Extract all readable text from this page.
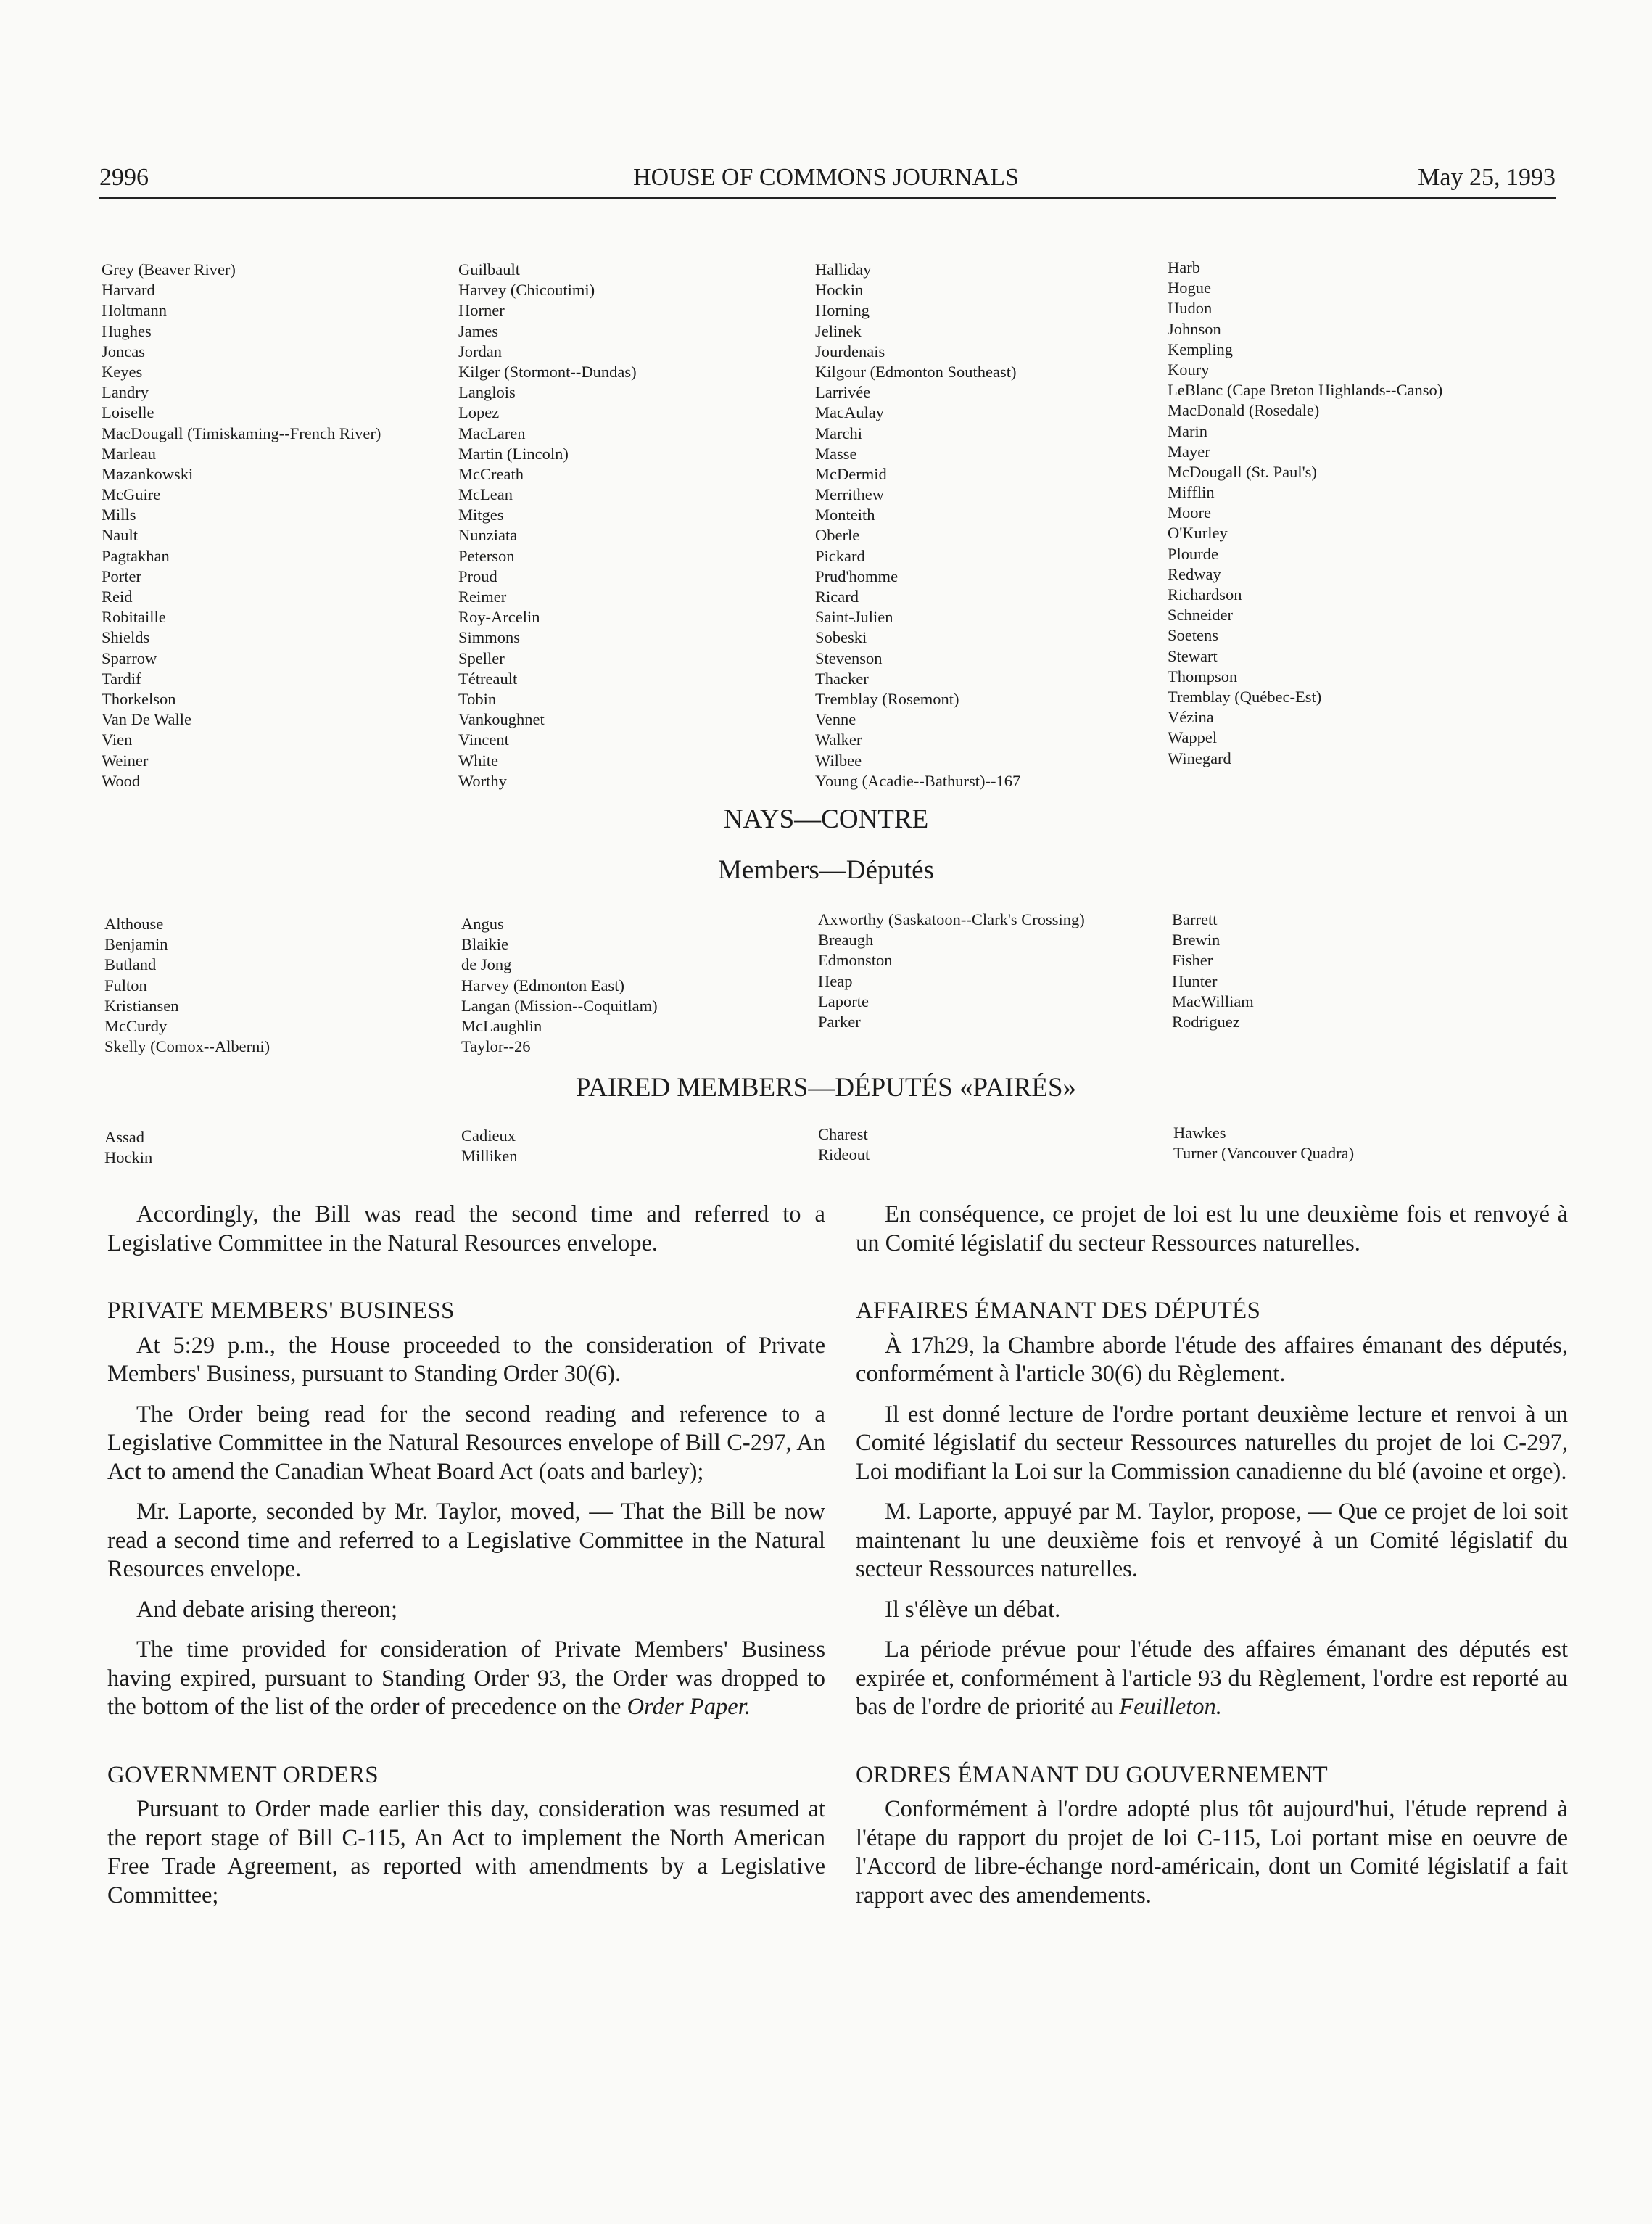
2996	HOUSE OF COMMONS JOURNALS	May 25, 1993
Grey (Beaver River)
Harvard
Holtmann
Hughes
Joncas
Keyes
Landry
Loiselle
MacDougall (Timiskaming--French River)
Marleau
Mazankowski
McGuire
Mills
Nault
Pagtakhan
Porter
Reid
Robitaille
Shields
Sparrow
Tardif
Thorkelson
Van De Walle
Vien
Weiner
Wood
Guilbault
Harvey (Chicoutimi)
Horner
James
Jordan
Kilger (Stormont--Dundas)
Langlois
Lopez
MacLaren
Martin (Lincoln)
McCreath
McLean
Mitges
Nunziata
Peterson
Proud
Reimer
Roy-Arcelin
Simmons
Speller
Tétreault
Tobin
Vankoughnet
Vincent
White
Worthy
Halliday
Hockin
Horning
Jelinek
Jourdenais
Kilgour (Edmonton Southeast)
Larrivée
MacAulay
Marchi
Masse
McDermid
Merrithew
Monteith
Oberle
Pickard
Prud'homme
Ricard
Saint-Julien
Sobeski
Stevenson
Thacker
Tremblay (Rosemont)
Venne
Walker
Wilbee
Young (Acadie--Bathurst)--167
Harb
Hogue
Hudon
Johnson
Kempling
Koury
LeBlanc (Cape Breton Highlands--Canso)
MacDonald (Rosedale)
Marin
Mayer
McDougall (St. Paul's)
Mifflin
Moore
O'Kurley
Plourde
Redway
Richardson
Schneider
Soetens
Stewart
Thompson
Tremblay (Québec-Est)
Vézina
Wappel
Winegard
NAYS—CONTRE
Members—Députés
Althouse
Benjamin
Butland
Fulton
Kristiansen
McCurdy
Skelly (Comox--Alberni)
Angus
Blaikie
de Jong
Harvey (Edmonton East)
Langan (Mission--Coquitlam)
McLaughlin
Taylor--26
Axworthy (Saskatoon--Clark's Crossing)
Breaugh
Edmonston
Heap
Laporte
Parker
Barrett
Brewin
Fisher
Hunter
MacWilliam
Rodriguez
PAIRED MEMBERS—DÉPUTÉS «PAIRÉS»
Assad
Hockin
Cadieux
Milliken
Charest
Rideout
Hawkes
Turner (Vancouver Quadra)

Accordingly, the Bill was read the second time and referred to a Legislative Committee in the Natural Resources envelope.

PRIVATE MEMBERS' BUSINESS

At 5:29 p.m., the House proceeded to the consideration of Private Members' Business, pursuant to Standing Order 30(6).

The Order being read for the second reading and reference to a Legislative Committee in the Natural Resources envelope of Bill C-297, An Act to amend the Canadian Wheat Board Act (oats and barley);

Mr. Laporte, seconded by Mr. Taylor, moved, — That the Bill be now read a second time and referred to a Legislative Committee in the Natural Resources envelope.

And debate arising thereon;

The time provided for consideration of Private Members' Business having expired, pursuant to Standing Order 93, the Order was dropped to the bottom of the list of the order of precedence on the Order Paper.

GOVERNMENT ORDERS

Pursuant to Order made earlier this day, consideration was resumed at the report stage of Bill C-115, An Act to implement the North American Free Trade Agreement, as reported with amendments by a Legislative Committee;

En conséquence, ce projet de loi est lu une deuxième fois et renvoyé à un Comité législatif du secteur Ressources naturelles.

AFFAIRES ÉMANANT DES DÉPUTÉS

À 17h29, la Chambre aborde l'étude des affaires émanant des députés, conformément à l'article 30(6) du Règlement.

Il est donné lecture de l'ordre portant deuxième lecture et renvoi à un Comité législatif du secteur Ressources naturelles du projet de loi C-297, Loi modifiant la Loi sur la Commission canadienne du blé (avoine et orge).

M. Laporte, appuyé par M. Taylor, propose, — Que ce projet de loi soit maintenant lu une deuxième fois et renvoyé à un Comité législatif du secteur Ressources naturelles.

Il s'élève un débat.

La période prévue pour l'étude des affaires émanant des députés est expirée et, conformément à l'article 93 du Règlement, l'ordre est reporté au bas de l'ordre de priorité au Feuilleton.

ORDRES ÉMANANT DU GOUVERNEMENT

Conformément à l'ordre adopté plus tôt aujourd'hui, l'étude reprend à l'étape du rapport du projet de loi C-115, Loi portant mise en oeuvre de l'Accord de libre-échange nord-américain, dont un Comité législatif a fait rapport avec des amendements.
